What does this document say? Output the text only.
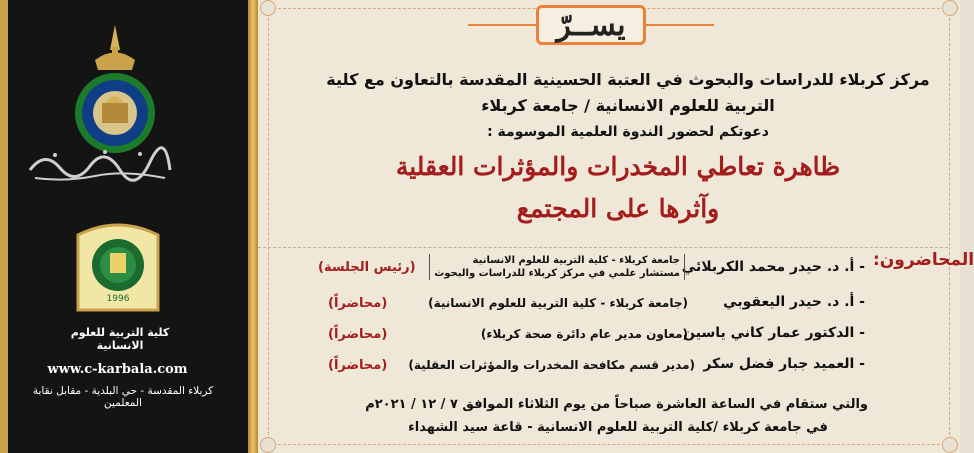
1996
كلية التربية للعلوم الانسانية
www.c-karbala.com
كربلاء المقدسة - حي البلدية - مقابل نقابة المعلمين
يســرّ
مركز كربلاء للدراسات والبحوث في العتبة الحسينية المقدسة بالتعاون مع كلية
التربية للعلوم الانسانية / جامعة كربلاء
دعوتكم لحضور الندوة العلمية الموسومة :
ظاهرة تعاطي المخدرات والمؤثرات العقلية
وآثرها على المجتمع
المحاضرون:
- أ. د. حيدر محمد الكربلائي
جامعة كربلاء - كلية التربية للعلوم الانسانية
مستشار علمي في مركز كربلاء للدراسات والبحوث
(رئيس الجلسة)
- أ. د. حيدر اليعقوبي
(جامعة كربلاء - كلية التربية للعلوم الانسانية)
(محاضراً)
- الدكتور عمار كاني ياسين
(معاون مدير عام دائرة صحة كربلاء)
(محاضراً)
- العميد جبار فضل سكر
(مدير قسم مكافحة المخدرات والمؤثرات العقلية)
(محاضراً)
والتي ستقام في الساعة العاشرة صباحاً من يوم الثلاثاء الموافق ٧ / ١٢ / ٢٠٢١م
في جامعة كربلاء /كلية التربية للعلوم الانسانية - قاعة سيد الشهداء
